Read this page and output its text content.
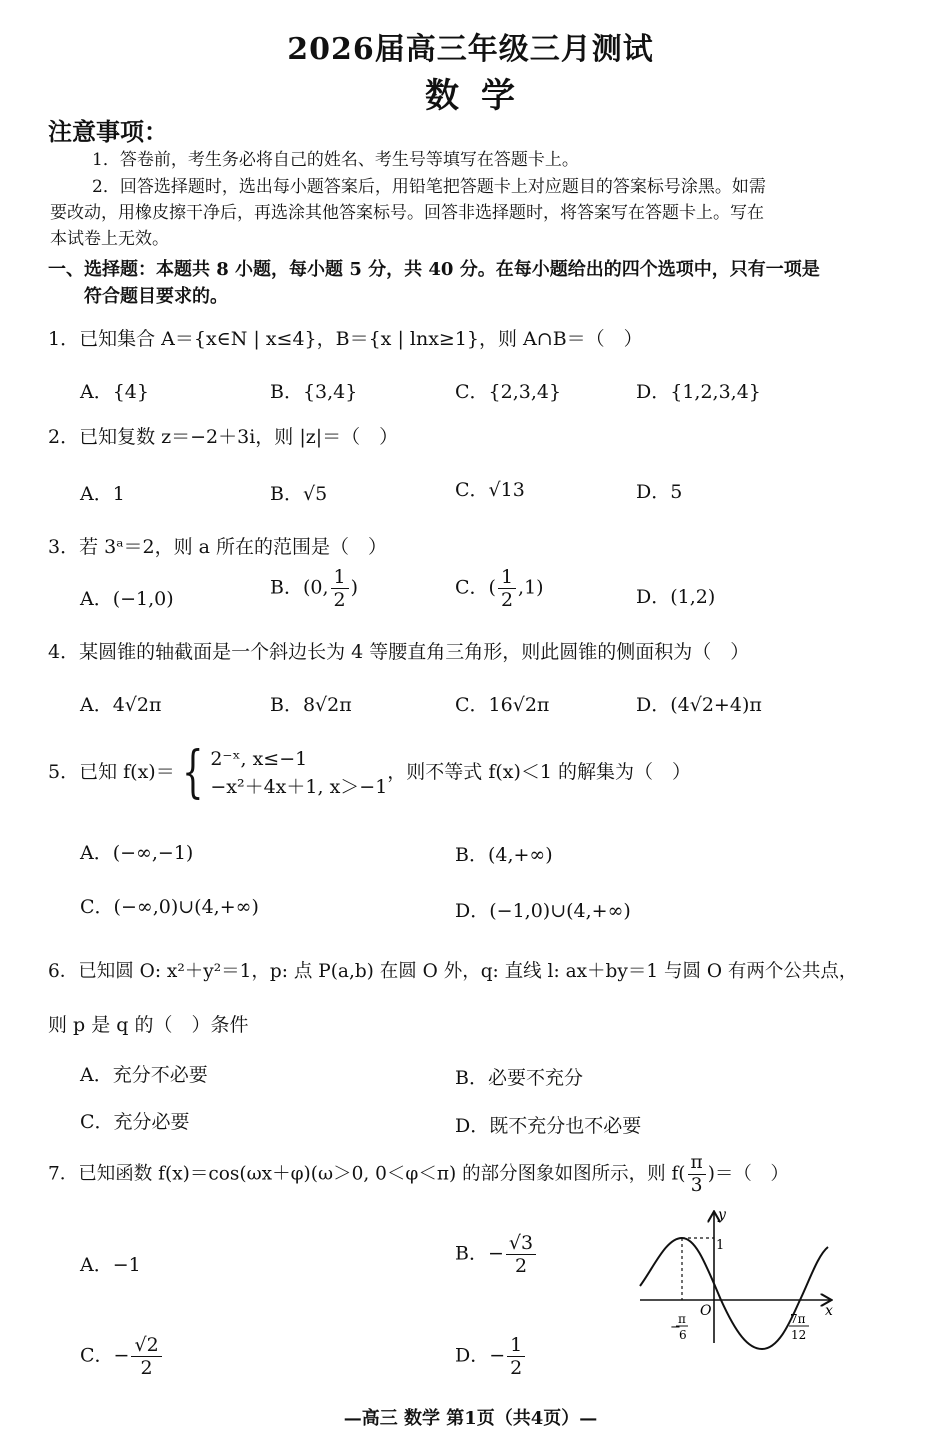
2026届高三年级三月测试
数学
注意事项：
1．答卷前，考生务必将自己的姓名、考生号等填写在答题卡上。
2．回答选择题时，选出每小题答案后，用铅笔把答题卡上对应题目的答案标号涂黑。如需
要改动，用橡皮擦干净后，再选涂其他答案标号。回答非选择题时，将答案写在答题卡上。写在
本试卷上无效。
一、选择题：本题共 8 小题，每小题 5 分，共 40 分。在每小题给出的四个选项中，只有一项是
符合题目要求的。
1．已知集合 A＝{x∈N | x≤4}，B＝{x | lnx≥1}，则 A∩B＝（　）
A．{4}	B．{3,4}	C．{2,3,4}	D．{1,2,3,4}
2．已知复数 z＝−2＋3i，则 |z|＝（　）
A．1	B．√5	C．√13	D．5
3．若 3ᵃ＝2，则 a 所在的范围是（　）
A．(−1,0)
B．(0, $\frac{1}{2}$ )	C．( $\frac{1}{2} ,1$)	D．(1,2)
4．某圆锥的轴截面是一个斜边长为 4 等腰直角三角形，则此圆锥的侧面积为（　）
A．4√2π	B．8√2π	C．16√2π	D．(4√2+4)π
5．已知 f(x)＝ { 2⁻ˣ, x≤−1
−x²＋4x＋1, x＞−1
，则不等式 f(x)＜1 的解集为（　）
A．(−∞,−1)	B．(4,+∞)
C．(−∞,0)∪(4,+∞)	D．(−1,0)∪(4,+∞)
6．已知圆 O: x²＋y²＝1，p: 点 P(a,b) 在圆 O 外，q: 直线 l: ax＋by＝1 与圆 O 有两个公共点，
则 p 是 q 的（　）条件
A．充分不必要	B．必要不充分
C．充分必要	D．既不充分也不必要
7．已知函数 f(x)＝cos(ωx＋φ)(ω＞0, 0＜φ＜π) 的部分图象如图所示，则 $f( \frac{\pi}{3}$ )＝（　）
A．−1
B．− $\frac{√3}{2}$
C．− $\frac{√2}{2}$	D．− $\frac{1}{2}$
y
x
O
1
−
π
6
7π
12
—高三 数学 第1页（共4页）—
